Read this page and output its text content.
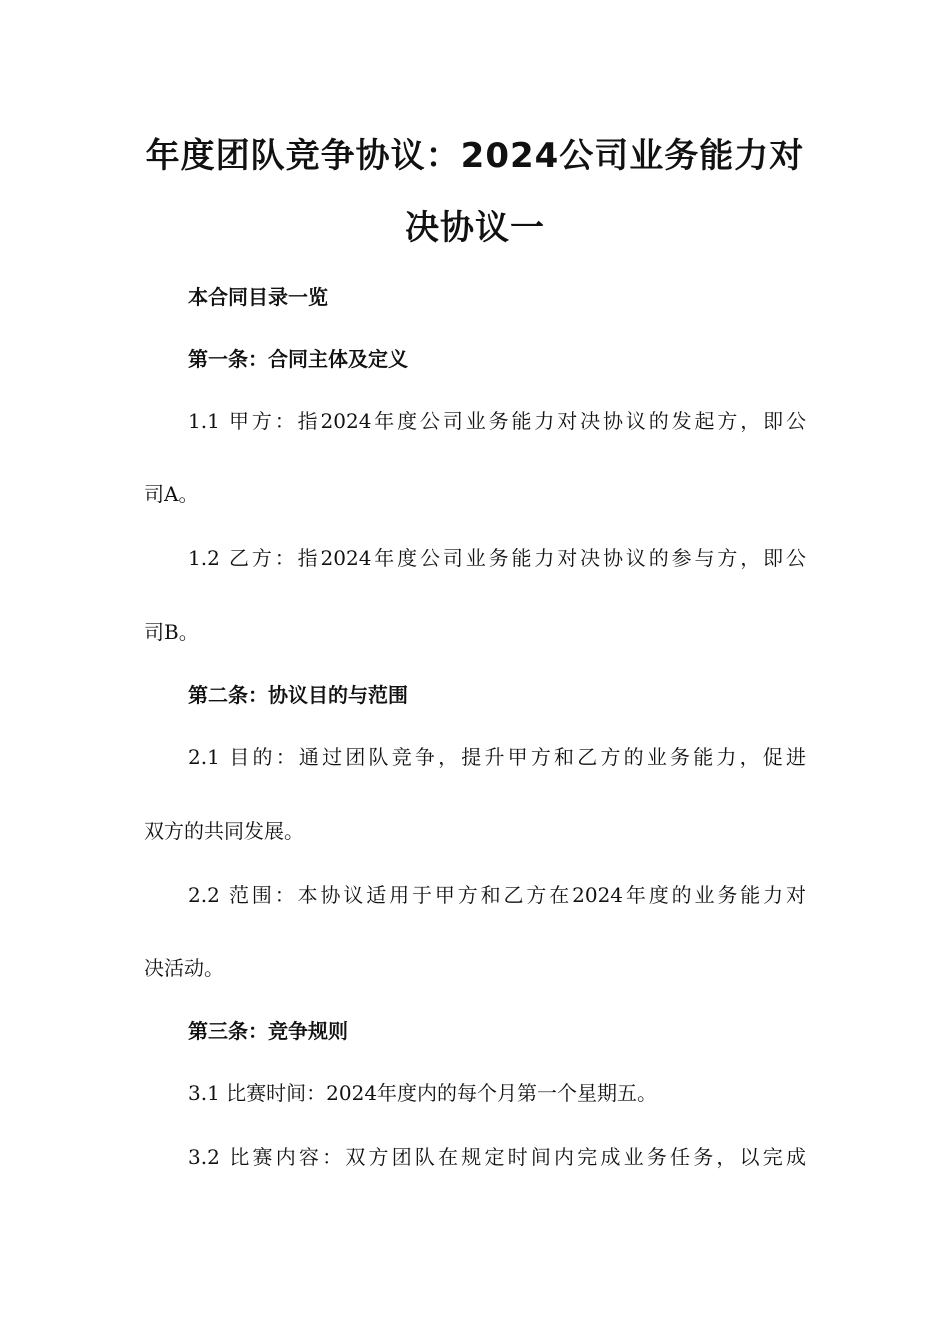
年度团队竞争协议：2024公司业务能力对
决协议一
本合同目录一览
第一条：合同主体及定义
1.1 甲方：指2024年度公司业务能力对决协议的发起方，即公
司A。
1.2 乙方：指2024年度公司业务能力对决协议的参与方，即公
司B。
第二条：协议目的与范围
2.1 目的：通过团队竞争，提升甲方和乙方的业务能力，促进
双方的共同发展。
2.2 范围：本协议适用于甲方和乙方在2024年度的业务能力对
决活动。
第三条：竞争规则
3.1 比赛时间：2024年度内的每个月第一个星期五。
3.2 比赛内容：双方团队在规定时间内完成业务任务，以完成
